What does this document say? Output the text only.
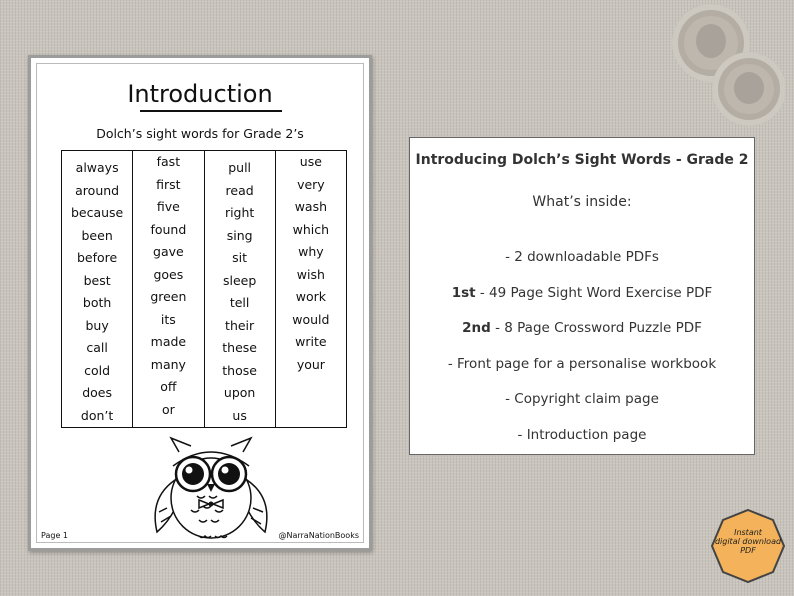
Introduction
Dolch’s sight words for Grade 2’s
always
around
because
been
before
best
both
buy
call
cold
does
don’t
fast
first
five
found
gave
goes
green
its
made
many
off
or
pull
read
right
sing
sit
sleep
tell
their
these
those
upon
us
use
very
wash
which
why
wish
work
would
write
your
Page 1	@NarraNationBooks
Introducing Dolch’s Sight Words - Grade 2
What’s inside:
- 2 downloadable PDFs
1st - 49 Page Sight Word Exercise PDF
2nd - 8 Page Crossword Puzzle PDF
- Front page for a personalise workbook
- Copyright claim page
- Introduction page
Instant
digital download
PDF
